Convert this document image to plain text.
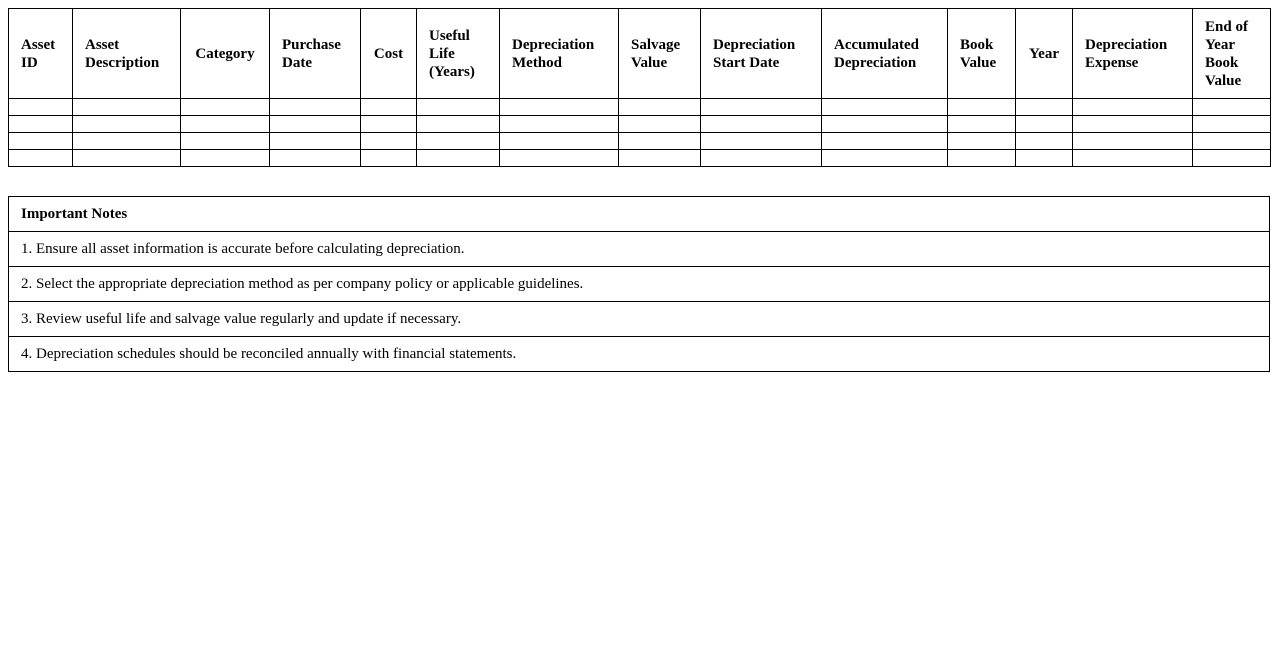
Asset ID	Asset Description	Category	Purchase Date	Cost	Useful Life (Years)	Depreciation Method	Salvage Value	Depreciation Start Date	Accumulated Depreciation	Book Value	Year	Depreciation Expense	End of Year Book Value

Important Notes
1. Ensure all asset information is accurate before calculating depreciation.
2. Select the appropriate depreciation method as per company policy or applicable guidelines.
3. Review useful life and salvage value regularly and update if necessary.
4. Depreciation schedules should be reconciled annually with financial statements.
